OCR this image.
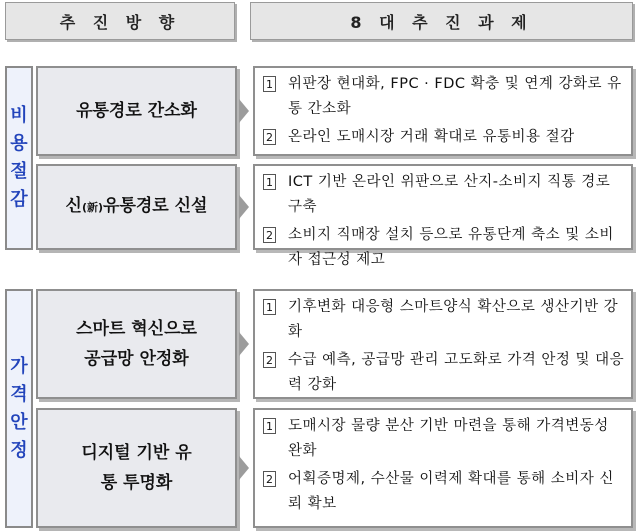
추 진 방 향	8 대 추 진 과 제
비용절감
가격안정
유통경로 간소화
1 위판장 현대화, FPC · FDC 확충 및 연계 강화로 유통 간소화
2 온라인 도매시장 거래 확대로 유통비용 절감
신(新)유통경로 신설
1 ICT 기반 온라인 위판으로 산지-소비지 직통 경로 구축
2 소비지 직매장 설치 등으로 유통단계 축소 및 소비자 접근성 제고
스마트 혁신으로 공급망 안정화
1 기후변화 대응형 스마트양식 확산으로 생산기반 강화
2 수급 예측, 공급망 관리 고도화로 가격 안정 및 대응력 강화
디지털 기반 유통 투명화
1 도매시장 물량 분산 기반 마련을 통해 가격변동성 완화
2 어획증명제, 수산물 이력제 확대를 통해 소비자 신뢰 확보
